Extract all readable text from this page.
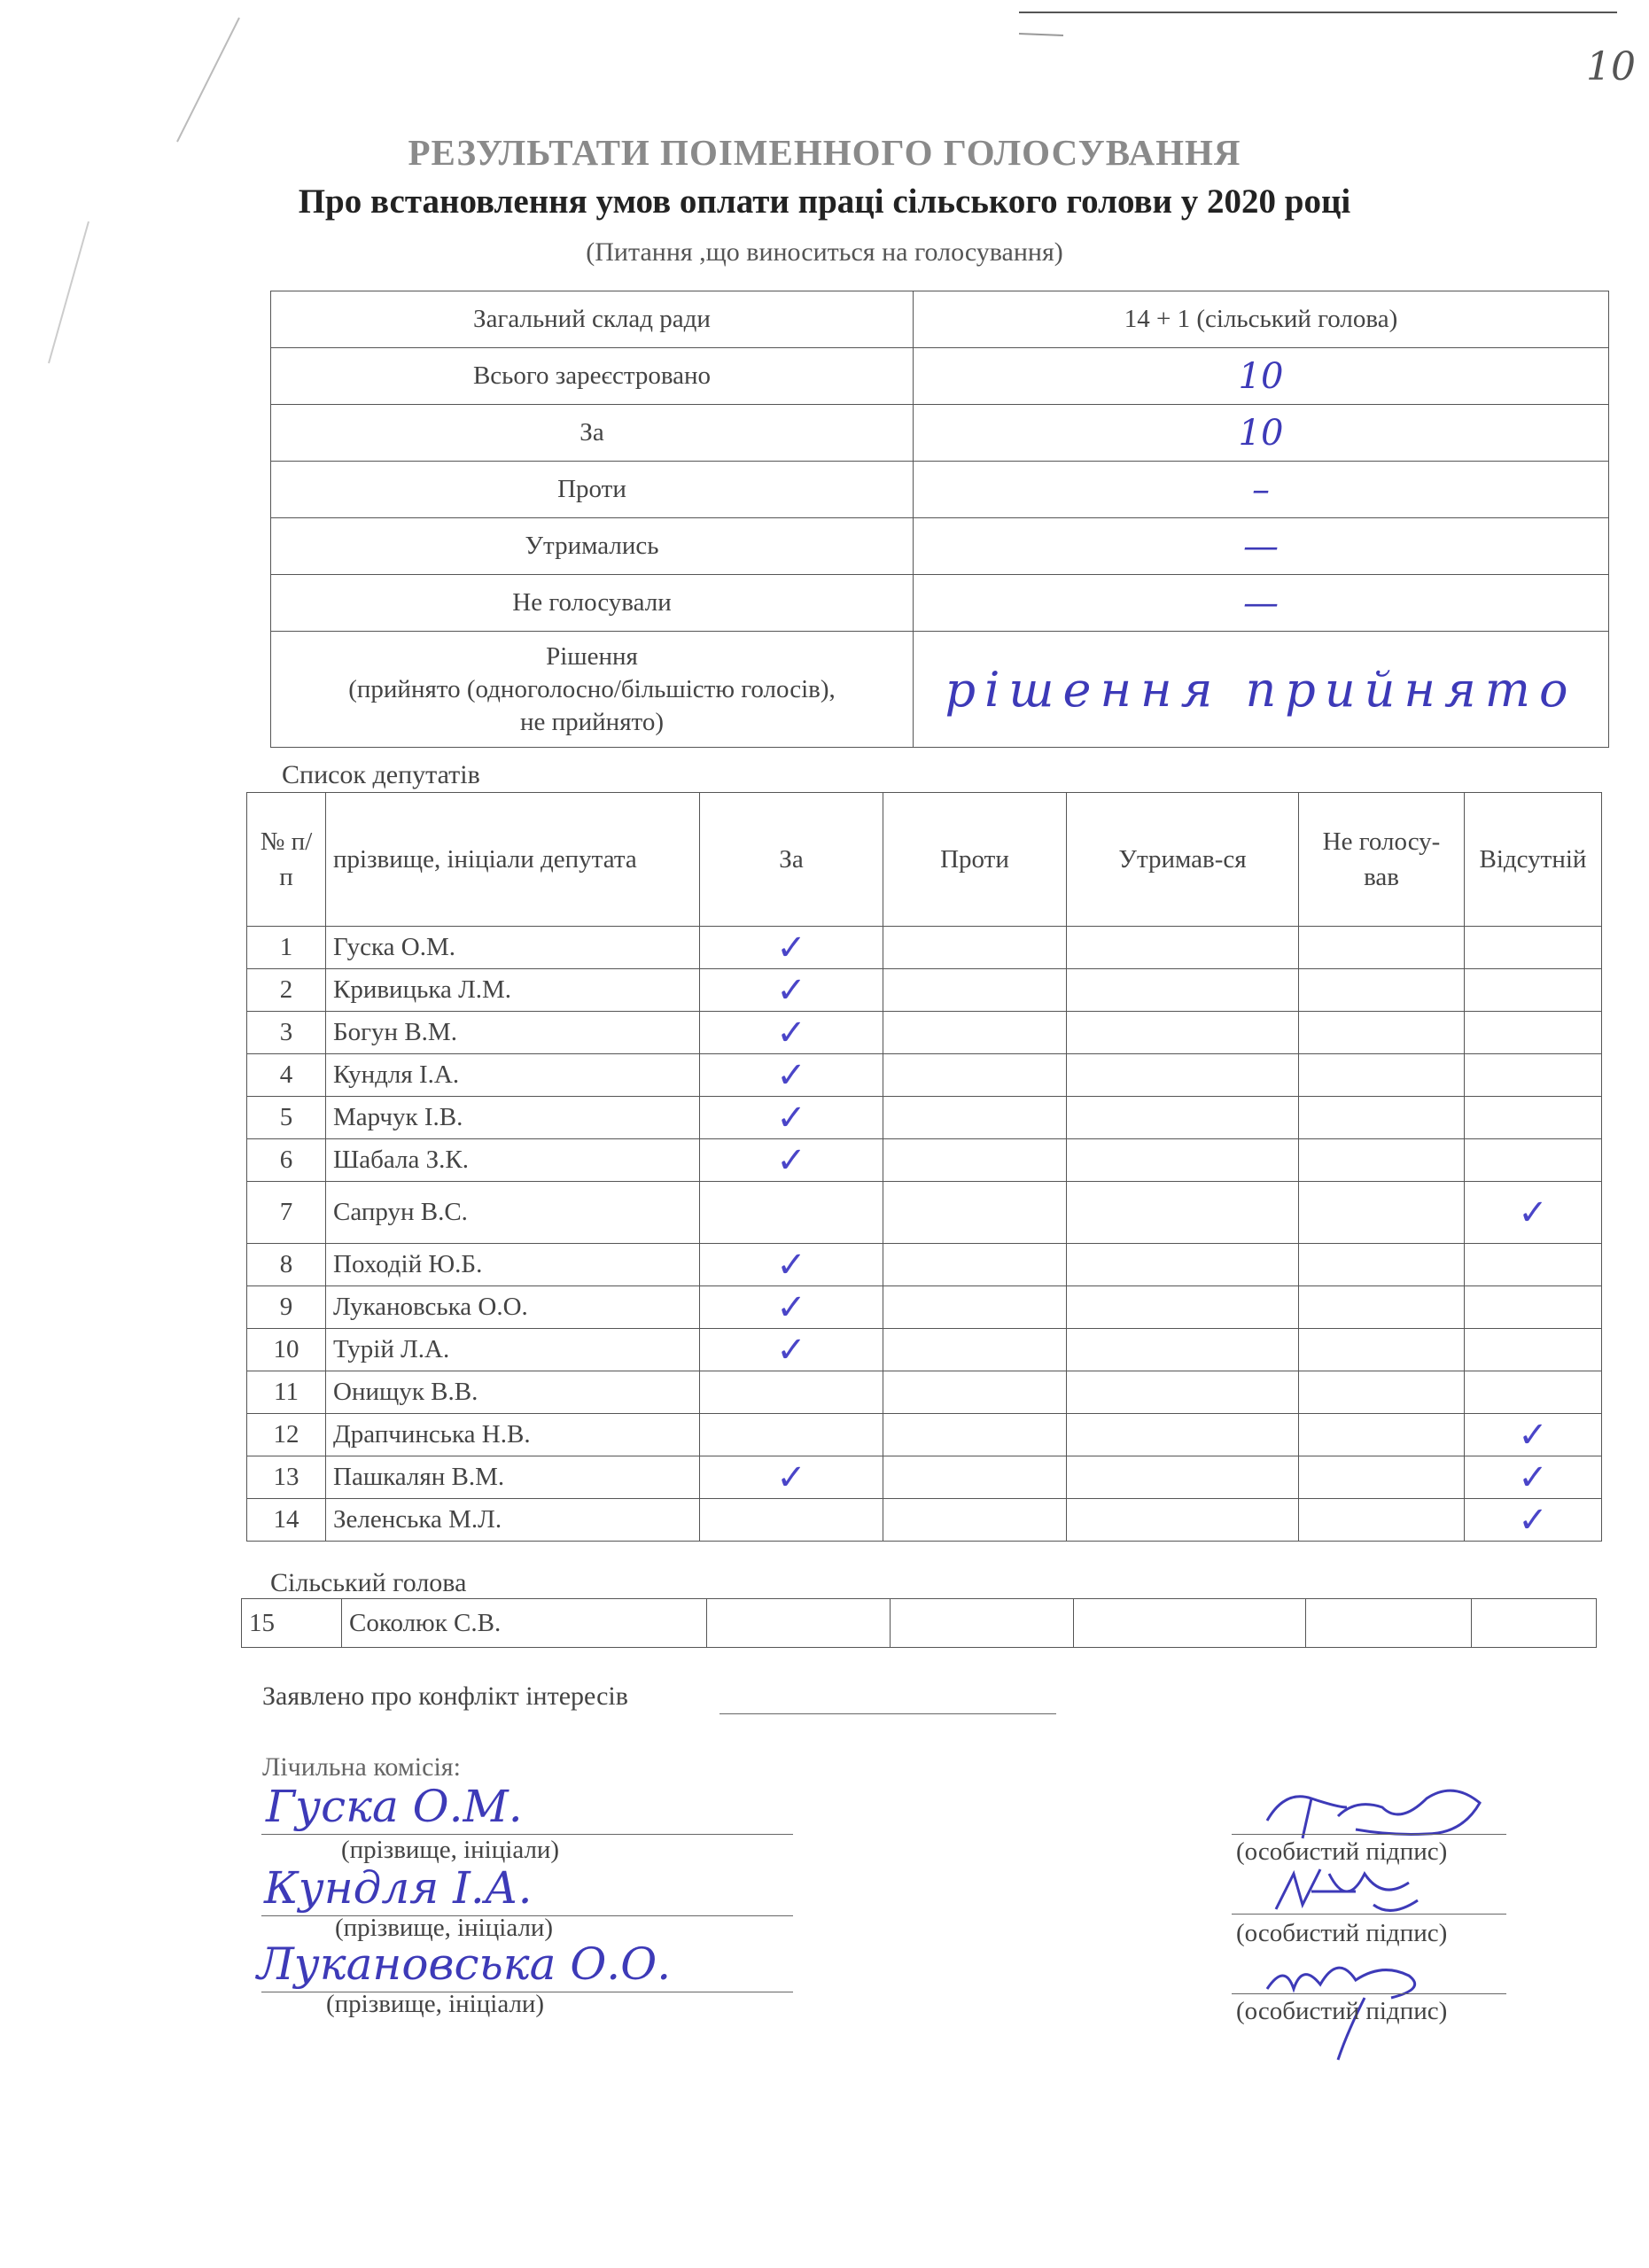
10
РЕЗУЛЬТАТИ ПОІМЕННОГО ГОЛОСУВАННЯ
Про встановлення умов оплати праці сільського голови у 2020 році
(Питання ,що виноситься на голосування)
Загальний склад ради	14 + 1 (сільський голова)
Всього зареєстровано	10
За	10
Проти	–
Утримались	—
Не голосували	—
Рішення
(прийнято (одноголосно/більшістю голосів),
не прийнято)	рішення прийнято
Список депутатів
№ п/п	прізвище, ініціали депутата	За	Проти	Утримав-ся	Не голосу-вав	Відсутній
1	Гуска О.М.	✓				
2	Кривицька Л.М.	✓				
3	Богун В.М.	✓				
4	Кундля І.А.	✓				
5	Марчук І.В.	✓				
6	Шабала З.К.	✓				
7	Сапрун В.С.					✓
8	Походій Ю.Б.	✓				
9	Лукановська О.О.	✓				
10	Турій Л.А.	✓				
11	Онищук В.В.					
12	Драпчинська Н.В.					✓
13	Пашкалян В.М.	✓				✓
14	Зеленська М.Л.					✓
Сільський голова
15	Соколюк С.В.					
Заявлено про конфлікт інтересів
Лічильна комісія:
Гуска О.М.
(прізвище, ініціали)	(особистий підпис)
Кундля І.А.
(прізвище, ініціали)	(особистий підпис)
Лукановська О.О.
(прізвище, ініціали)	(особистий підпис)
